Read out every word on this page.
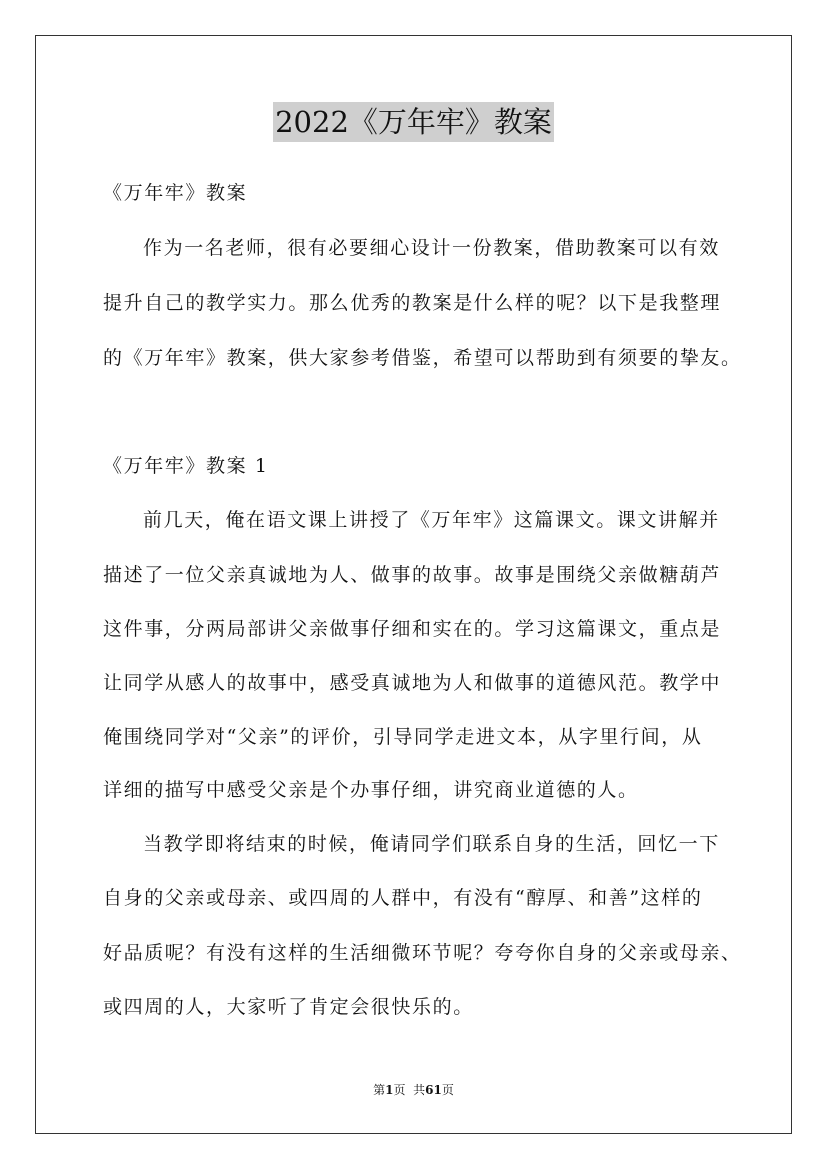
2022《万年牢》教案
《万年牢》教案
作为一名老师，很有必要细心设计一份教案，借助教案可以有效
提升自己的教学实力。那么优秀的教案是什么样的呢？以下是我整理
的《万年牢》教案，供大家参考借鉴，希望可以帮助到有须要的挚友。
《万年牢》教案 1
前几天，俺在语文课上讲授了《万年牢》这篇课文。课文讲解并
描述了一位父亲真诚地为人、做事的故事。故事是围绕父亲做糖葫芦
这件事，分两局部讲父亲做事仔细和实在的。学习这篇课文，重点是
让同学从感人的故事中，感受真诚地为人和做事的道德风范。教学中
俺围绕同学对“父亲”的评价，引导同学走进文本，从字里行间，从
详细的描写中感受父亲是个办事仔细，讲究商业道德的人。
当教学即将结束的时候，俺请同学们联系自身的生活，回忆一下
自身的父亲或母亲、或四周的人群中，有没有“醇厚、和善”这样的
好品质呢？有没有这样的生活细微环节呢？夸夸你自身的父亲或母亲、
或四周的人，大家听了肯定会很快乐的。
第1页 共61页
